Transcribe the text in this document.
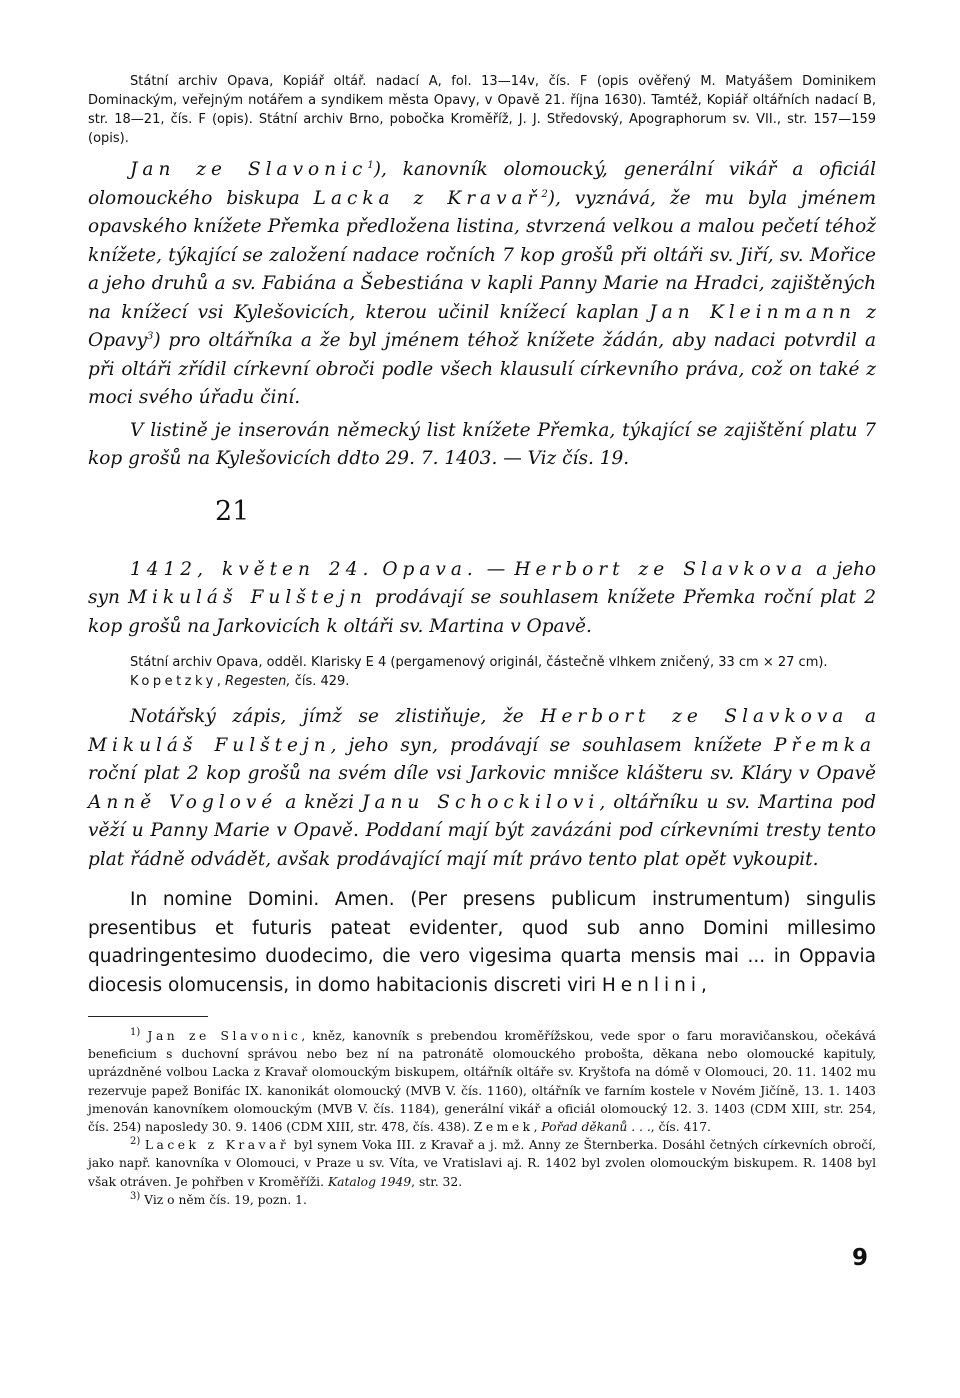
Státní archiv Opava, Kopiář oltář. nadací A, fol. 13—14v, čís. F (opis ověřený M. Matyášem Dominikem Dominackým, veřejným notářem a syndikem města Opavy, v Opavě 21. října 1630). Tamtéž, Kopiář oltářních nadací B, str. 18—21, čís. F (opis). Státní archiv Brno, pobočka Kroměříž, J. J. Středovský, Apographorum sv. VII., str. 157—159 (opis).

Jan ze Slavonic$^1$), kanovník olomoucký, generální vikář a oficiál olomouckého biskupa Lacka z Kravař$^2$), vyznává, že mu byla jménem opavského knížete Přemka předložena listina, stvrzená velkou a malou pečetí téhož knížete, týkající se založení nadace ročních 7 kop grošů při oltáři sv. Jiří, sv. Mořice a jeho druhů a sv. Fabiána a Šebestiána v kapli Panny Marie na Hradci, zajištěných na knížecí vsi Kylešovicích, kterou učinil knížecí kaplan Jan Kleinmann z Opavy$^3$) pro oltářníka a že byl jménem téhož knížete žádán, aby nadaci potvrdil a při oltáři zřídil církevní obroči podle všech klausulí církevního práva, což on také z moci svého úřadu činí.

V listině je inserován německý list knížete Přemka, týkající se zajištění platu 7 kop grošů na Kylešovicích ddto 29. 7. 1403. — Viz čís. 19.

21

1412, květen 24. Opava. — Herbort ze Slavkova a jeho syn Mikuláš Fulštejn prodávají se souhlasem knížete Přemka roční plat 2 kop grošů na Jarkovicích k oltáři sv. Martina v Opavě.

Státní archiv Opava, odděl. Klarisky E 4 (pergamenový originál, částečně vlhkem zničený, 33 cm × 27 cm).

Kopetzky, Regesten, čís. 429.

Notářský zápis, jímž se zlistiňuje, že Herbort ze Slavkova a Mikuláš Fulštejn, jeho syn, prodávají se souhlasem knížete Přemka roční plat 2 kop grošů na svém díle vsi Jarkovic mnišce klášteru sv. Kláry v Opavě Anně Voglové a knězi Janu Schockilovi, oltářníku u sv. Martina pod věží u Panny Marie v Opavě. Poddaní mají být zavázáni pod církevními tresty tento plat řádně odvádět, avšak prodávající mají mít právo tento plat opět vykoupit.

In nomine Domini. Amen. (Per presens publicum instrumentum) singulis presentibus et futuris pateat evidenter, quod sub anno Domini millesimo quadringentesimo duodecimo, die vero vigesima quarta mensis mai ... in Oppavia diocesis olomucensis, in domo habitacionis discreti viri Henlini,

$^{1)}$ Jan ze Slavonic, kněz, kanovník s prebendou kroměřížskou, vede spor o faru moravičanskou, očekává beneficium s duchovní správou nebo bez ní na patronátě olomouckého probošta, děkana nebo olomoucké kapituly, uprázdněné volbou Lacka z Kravař olomouckým biskupem, oltářník oltáře sv. Kryštofa na dómě v Olomouci, 20. 11. 1402 mu rezervuje papež Bonifác IX. kanonikát olomoucký (MVB V. čís. 1160), oltářník ve farním kostele v Novém Jičíně, 13. 1. 1403 jmenován kanovníkem olomouckým (MVB V. čís. 1184), generální vikář a oficiál olomoucký 12. 3. 1403 (CDM XIII, str. 254, čís. 254) naposledy 30. 9. 1406 (CDM XIII, str. 478, čís. 438). Zemek, Pořad děkanů . . ., čís. 417.

$^{2)}$ Lacek z Kravař byl synem Voka III. z Kravař a j. mž. Anny ze Šternberka. Dosáhl četných církevních obročí, jako např. kanovníka v Olomouci, v Praze u sv. Víta, ve Vratislavi aj. R. 1402 byl zvolen olomouckým biskupem. R. 1408 byl však otráven. Je pohřben v Kroměříži. Katalog 1949, str. 32.

$^{3)}$ Viz o něm čís. 19, pozn. 1.

9
